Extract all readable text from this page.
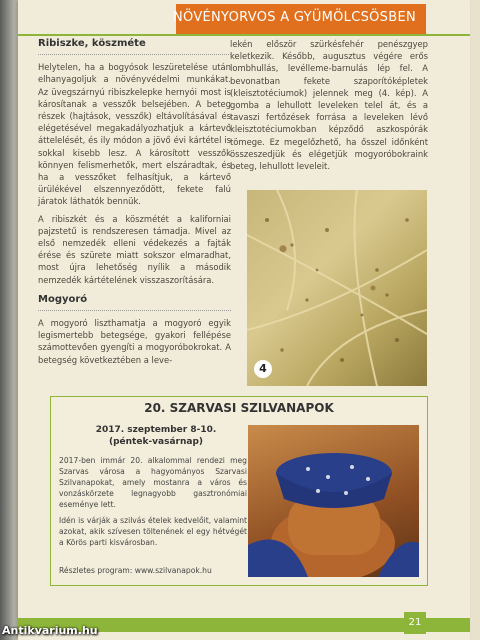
NÖVÉNYORVOS A GYÜMÖLCSÖSBEN
Ribiszke, köszméte

Helytelen, ha a bogyósok leszüretelése után elhanyagoljuk a növényvédelmi munkákat. Az üvegszárnyú ribiszkelepke hernyói most is károsítanak a vesszők belsejében. A beteg részek (hajtások, vesszők) eltávolításával és elégetésével megakadályozhatjuk a kártevő áttelelését, és ily módon a jövő évi kártétel is sokkal kisebb lesz. A károsított vesszők könnyen felismerhetők, mert elszáradtak, és ha a vesszőket felhasítjuk, a kártevő ürülékével elszennyeződött, fekete falú járatok láthatók bennük.

A ribiszkét és a köszmétét a kaliforniai pajzstetű is rendszeresen támadja. Mivel az első nemzedék elleni védekezés a fajták érése és szürete miatt sokszor elmaradhat, most újra lehetőség nyílik a második nemzedék kártételének visszaszorítására.

Mogyoró

A mogyoró liszthamatja a mogyoró egyik legismertebb betegsége, gyakori fellépése számottevően gyengíti a mogyoróbokrokat. A betegség következtében a leve-

lekén először szürkésfehér penészgyep keletkezik. Később, augusztus végére erős lombhullás, levélleme-barnulás lép fel. A bevonatban fekete szaporítóképletek (kleisztotéciumok) jelennek meg (4. kép). A gomba a lehullott leveleken telel át, és a tavaszi fertőzések forrása a leveleken lévő kleisztotéciumokban képződő aszkospórák tömege. Ez megelőzhető, ha ősszel időnként összeszedjük és elégetjük mogyoróbokraink beteg, lehullott leveleit.

4
20. SZARVASI SZILVANAPOK
2017. szeptember 8-10.
(péntek-vasárnap)

2017-ben immár 20. alkalommal rendezi meg Szarvas városa a hagyományos Szarvasi Szilvanapokat, amely mostanra a város és vonzáskörzete legnagyobb gasztronómiai eseménye lett.

Idén is várják a szilvás ételek kedvelőit, valamint azokat, akik szívesen töltenének el egy hétvégét a Körös parti kisvárosban.

Részletes program: www.szilvanapok.hu
21
Antikvarium.hu
